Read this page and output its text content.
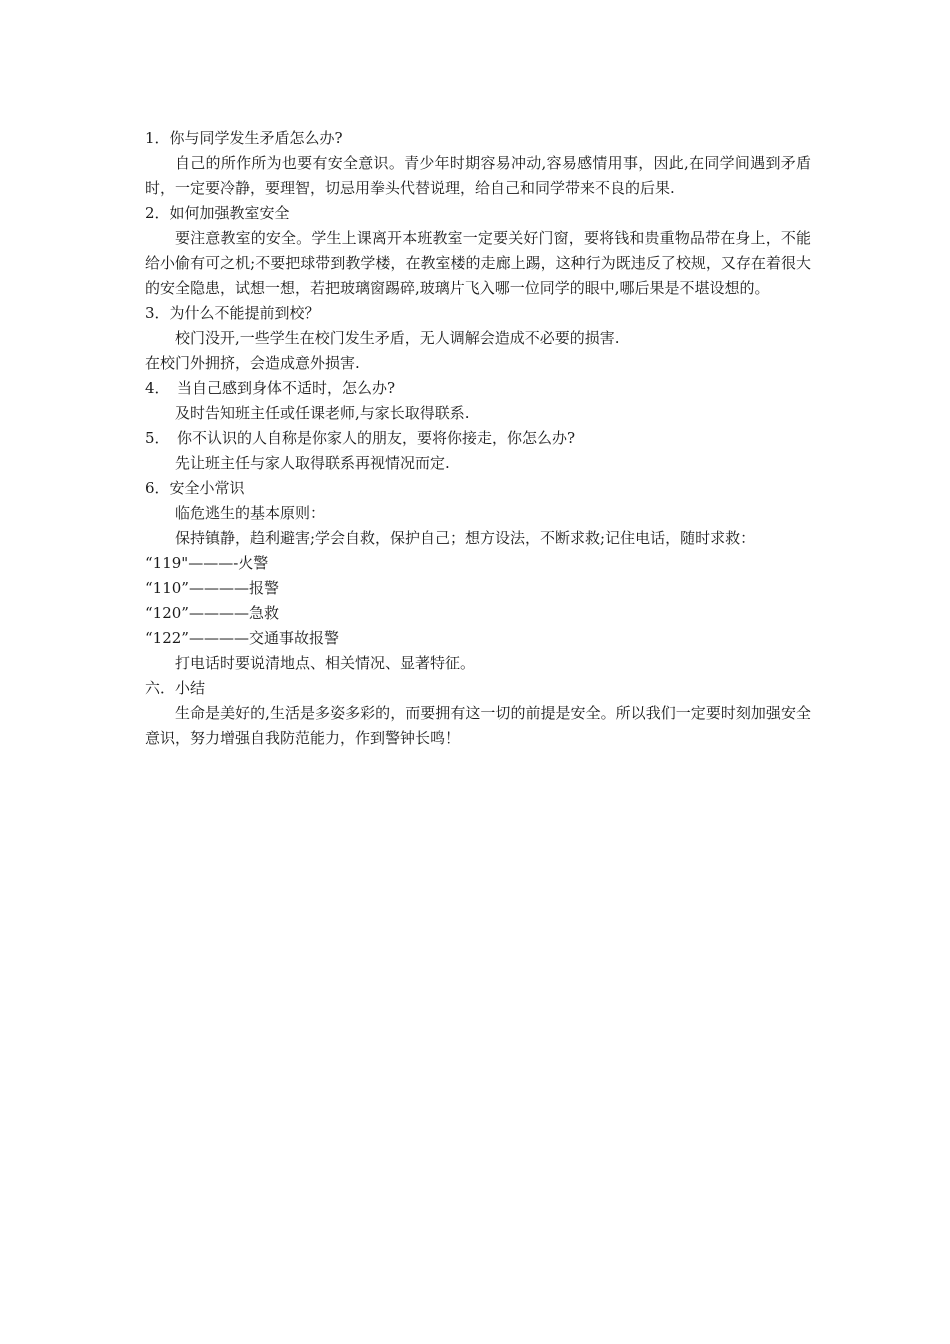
1．你与同学发生矛盾怎么办?

自己的所作所为也要有安全意识。青少年时期容易冲动,容易感情用事，因此,在同学间遇到矛盾时，一定要冷静，要理智，切忌用拳头代替说理，给自己和同学带来不良的后果.

2．如何加强教室安全

要注意教室的安全。学生上课离开本班教室一定要关好门窗，要将钱和贵重物品带在身上，不能给小偷有可之机;不要把球带到教学楼，在教室楼的走廊上踢，这种行为既违反了校规，又存在着很大的安全隐患，试想一想，若把玻璃窗踢碎,玻璃片飞入哪一位同学的眼中,哪后果是不堪设想的。

3．为什么不能提前到校？

校门没开,一些学生在校门发生矛盾，无人调解会造成不必要的损害.

在校门外拥挤，会造成意外损害.

4．　当自己感到身体不适时，怎么办?

及时告知班主任或任课老师,与家长取得联系.

5．　你不认识的人自称是你家人的朋友，要将你接走，你怎么办?

先让班主任与家人取得联系再视情况而定.

6．安全小常识

临危逃生的基本原则：

保持镇静，趋利避害;学会自救，保护自己；想方设法，不断求救;记住电话，随时求救：

“119"———-火警

“110”————报警

“120”————急救

“122”————交通事故报警

打电话时要说清地点、相关情况、显著特征。

六．小结

生命是美好的,生活是多姿多彩的，而要拥有这一切的前提是安全。所以我们一定要时刻加强安全意识，努力增强自我防范能力，作到警钟长鸣！
